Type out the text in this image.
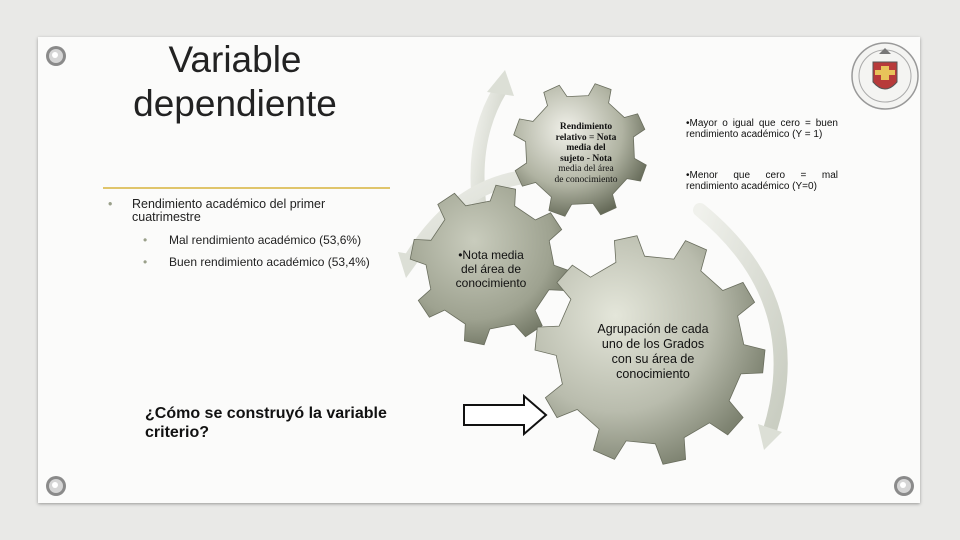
Variable
dependiente
• Rendimiento académico del primer cuatrimestre
• Mal rendimiento académico (53,6%)
• Buen rendimiento académico (53,4%)
¿Cómo se construyó la variable
criterio?
Rendimiento
relativo = Nota
media del
sujeto - Nota
media del área
de conocimiento
•Nota media
del área de
conocimiento
Agrupación de cada
uno de los Grados
con su área de
conocimiento
•Mayor o igual que cero = buen rendimiento académico (Y = 1)
•Menor que cero = mal rendimiento académico (Y=0)
